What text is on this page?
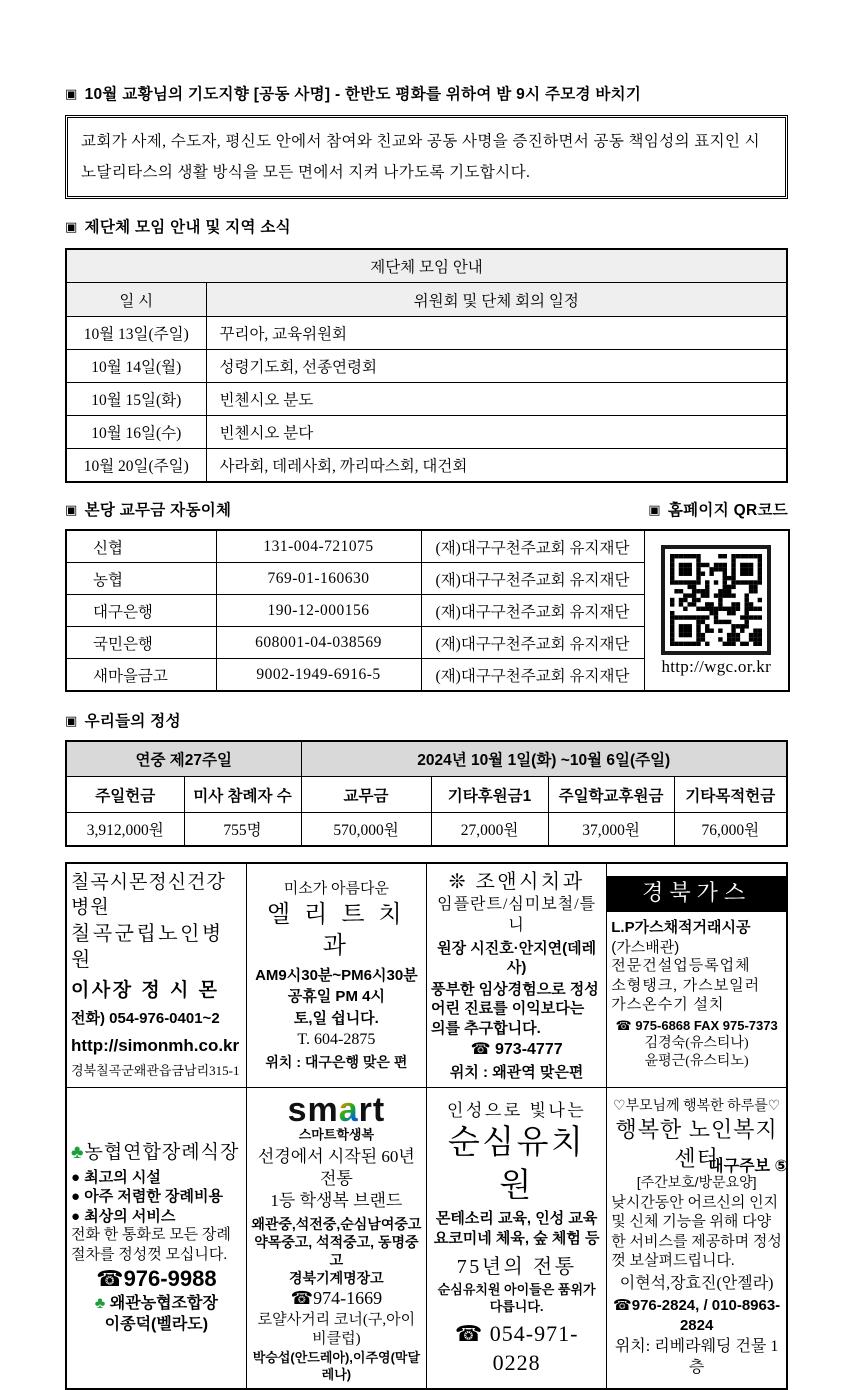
▣ 10월 교황님의 기도지향 [공동 사명] - 한반도 평화를 위하여 밤 9시 주모경 바치기
교회가 사제, 수도자, 평신도 안에서 참여와 친교와 공동 사명을 증진하면서 공동 책임성의 표지인 시노달리타스의 생활 방식을 모든 면에서 지켜 나가도록 기도합시다.
▣ 제단체 모임 안내 및 지역 소식
제단체 모임 안내	
일 시	위원회 및 단체 회의 일정
10월 13일(주일)	꾸리아, 교육위원회
10월 14일(월)	성령기도회, 선종연령회
10월 15일(화)	빈첸시오 분도
10월 16일(수)	빈첸시오 분다
10월 20일(주일)	사라회, 데레사회, 까리따스회, 대건회
▣ 본당 교무금 자동이체	▣ 홈페이지 QR코드
신협	131-004-721075	(재)대구구천주교회 유지재단	http://wgc.or.kr

농협	769-01-160630	(재)대구구천주교회 유지재단	
대구은행	190-12-000156	(재)대구구천주교회 유지재단	
국민은행	608001-04-038569	(재)대구구천주교회 유지재단	
새마을금고	9002-1949-6916-5	(재)대구구천주교회 유지재단	
▣ 우리들의 정성
연중 제27주일		2024년 10월 1일(화) ~10월 6일(주일)			
주일헌금	미사 참례자 수	교무금	기타후원금1	주일학교후원금	기타목적헌금
3,912,000원	755명	570,000원	27,000원	37,000원	76,000원
칠곡시몬정신건강병원
칠곡군립노인병원
이사장 정 시 몬
전화) 054-976-0401~2
http://simonmh.co.kr
경북칠곡군왜관읍금남리315-1

미소가 아름다운
엘 리 트 치 과
AM9시30분~PM6시30분
공휴일 PM 4시
토,일 쉽니다.
T. 604-2875
위치 : 대구은행 맞은 편

❊ 조앤시치과
임플란트/심미보철/틀니
원장 시진호·안지연(데레사)
풍부한 임상경험으로 정성어린 진료를 이익보다는 의를 추구합니다.
☎ 973-4777
위치 : 왜관역 맞은편

경북가스
L.P가스채적거래시공
(가스배관)
전문건설업등록업체
소형탱크, 가스보일러
가스온수기 설치
☎ 975-6868 FAX 975-7373
김경숙(유스티나)
윤평근(유스티노)

♣농협연합장례식장
● 최고의 시설
● 아주 저렴한 장례비용
● 최상의 서비스
전화 한 통화로 모든 장례 절차를 정성껏 모십니다.
☎976-9988
♣ 왜관농협조합장
이종덕(벨라도)

smart
스마트학생복
선경에서 시작된 60년 전통
1등 학생복 브랜드
왜관중,석전중,순심남여중고
약목중고, 석적중고, 동명중고
경북기계명장고
☎974-1669
로얄사거리 코너(구,아이비클럽)
박승섭(안드레아),이주영(막달레나)

인성으로 빛나는
순심유치원
몬테소리 교육, 인성 교육
요코미네 체육, 숲 체험 등
75년의 전통
순심유치원 아이들은 품위가 다릅니다.
☎ 054-971-0228

♡부모님께 행복한 하루를♡
행복한 노인복지센터
[주간보호/방문요양]
낮시간동안 어르신의 인지 및 신체 기능을 위해 다양한 서비스를 제공하며 정성껏 보살펴드립니다.
이현석,장효진(안젤라)
☎976-2824, / 010-8963-2824
위치: 리베라웨딩 건물 1층
대구주보 ⑤
